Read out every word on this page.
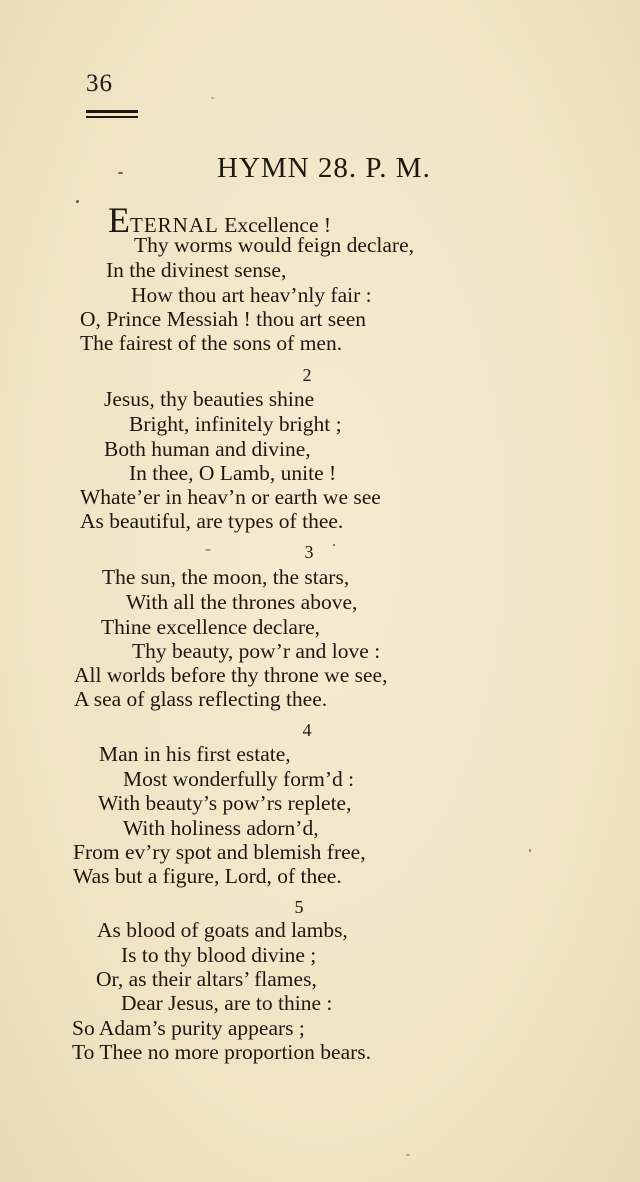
36
HYMN 28. P. M.
ETERNAL Excellence !
Thy worms would feign declare,
In the divinest sense,
How thou art heav’nly fair :
O, Prince Messiah ! thou art seen
The fairest of the sons of men.
2
Jesus, thy beauties shine
Bright, infinitely bright ;
Both human and divine,
In thee, O Lamb, unite !
Whate’er in heav’n or earth we see
As beautiful, are types of thee.
3
The sun, the moon, the stars,
With all the thrones above,
Thine excellence declare,
Thy beauty, pow’r and love :
All worlds before thy throne we see,
A sea of glass reflecting thee.
4
Man in his first estate,
Most wonderfully form’d :
With beauty’s pow’rs replete,
With holiness adorn’d,
From ev’ry spot and blemish free,
Was but a figure, Lord, of thee.
5
As blood of goats and lambs,
Is to thy blood divine ;
Or, as their altars’ flames,
Dear Jesus, are to thine :
So Adam’s purity appears ;
To Thee no more proportion bears.
